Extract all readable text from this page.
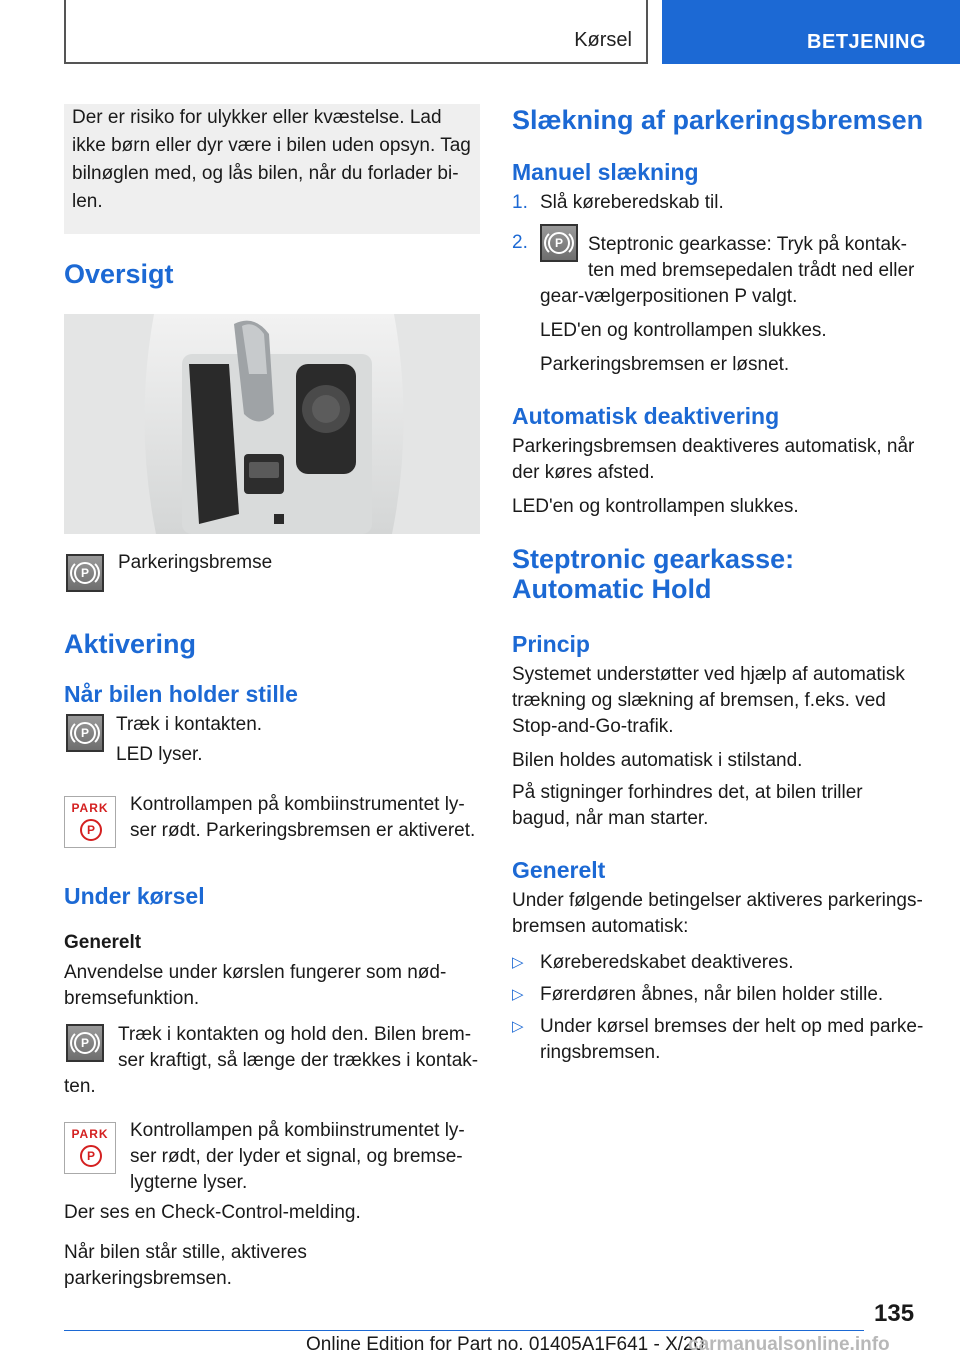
Kørsel	BETJENING
Der er risiko for ulykker eller kvæstelse. Lad ikke børn eller dyr være i bilen uden opsyn. Tag bilnøglen med, og lås bilen, når du forlader bi-len.
Oversigt
P

Parkeringsbremse

Aktivering
Når bilen holder stille
P

Træk i kontakten.

LED lyser.

PARK
P	Kontrollampen på kombiinstrumentet ly-ser rødt. Parkeringsbremsen er aktiveret.

Under kørsel
Generelt

Anvendelse under kørslen fungerer som nød-bremsefunktion.

P

Træk i kontakten og hold den. Bilen brem-ser kraftigt, så længe der trækkes i kontak-ten.

PARK
P	Kontrollampen på kombiinstrumentet ly-ser rødt, der lyder et signal, og bremse-lygterne lyser.

Der ses en Check-Control-melding.

Når bilen står stille, aktiveres parkeringsbremsen.

Slækning af parkeringsbremsen
Manuel slækning
1. Slå køreberedskab til.
2.
P	Steptronic gearkasse: Tryk på kontak-ten med bremsepedalen trådt ned eller gear-vælgerpositionen P valgt.

LED'en og kontrollampen slukkes.

Parkeringsbremsen er løsnet.

Automatisk deaktivering

Parkeringsbremsen deaktiveres automatisk, når der køres afsted.

LED'en og kontrollampen slukkes.

Steptronic gearkasse: Automatic Hold
Princip

Systemet understøtter ved hjælp af automatisk trækning og slækning af bremsen, f.eks. ved Stop-and-Go-trafik.

Bilen holdes automatisk i stilstand.

På stigninger forhindres det, at bilen triller bagud, når man starter.

Generelt

Under følgende betingelser aktiveres parkerings-bremsen automatisk:

▷ Køreberedskabet deaktiveres.

▷ Førerdøren åbnes, når bilen holder stille.

▷ Under kørsel bremses der helt op med parke-ringsbremsen.

135
Online Edition for Part no. 01405A1F641 - X/20
carmanualsonline.info
